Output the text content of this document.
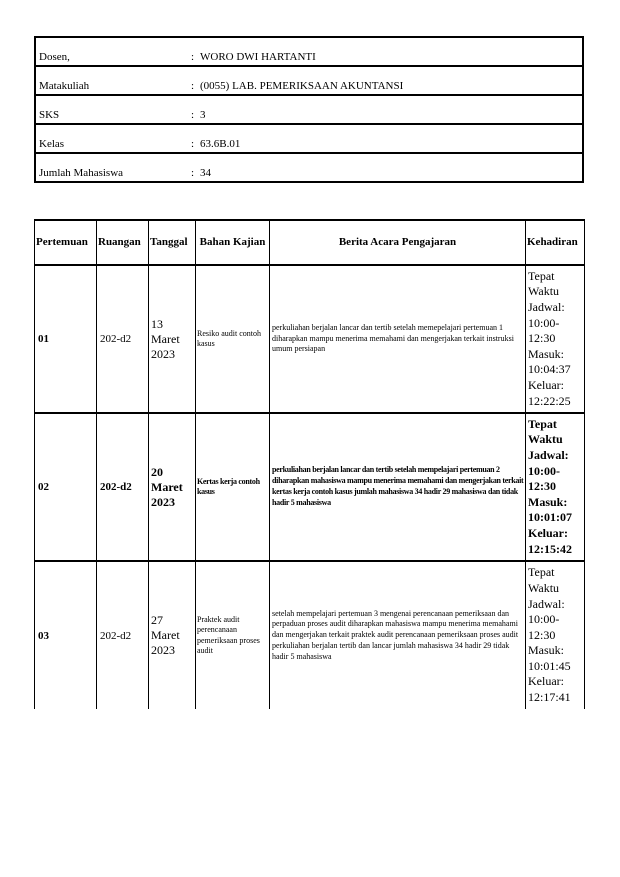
Dosen,	:	WORO DWI HARTANTI
Matakuliah	:	(0055) LAB. PEMERIKSAAN AKUNTANSI
SKS	:	3
Kelas	:	63.6B.01
Jumlah Mahasiswa	:	34
Pertemuan	Ruangan	Tanggal	Bahan Kajian	Berita Acara Pengajaran	Kehadiran
01	202-d2	13 Maret 2023	Resiko audit contoh kasus	perkuliahan berjalan lancar dan tertib setelah memepelajari pertemuan 1 diharapkan mampu menerima memahami dan mengerjakan terkait instruksi umum persiapan	Tepat Waktu Jadwal: 10:00-12:30 Masuk: 10:04:37 Keluar: 12:22:25
02	202-d2	20 Maret 2023	Kertas kerja contoh kasus	perkuliahan berjalan lancar dan tertib setelah mempelajari pertemuan 2 diharapkan mahasiswa mampu menerima memahami dan mengerjakan terkait kertas kerja contoh kasus jumlah mahasiswa 34 hadir 29 mahasiswa dan tidak hadir 5 mahasiswa	Tepat Waktu Jadwal: 10:00-12:30 Masuk: 10:01:07 Keluar: 12:15:42
03	202-d2	27 Maret 2023	Praktek audit perencanaan pemeriksaan proses audit	setelah mempelajari pertemuan 3 mengenai perencanaan pemeriksaan dan perpaduan proses audit diharapkan mahasiswa mampu menerima memahami dan mengerjakan terkait praktek audit perencanaan pemeriksaan proses audit perkuliahan berjalan tertib dan lancar jumlah mahasiswa 34 hadir 29 tidak hadir 5 mahasiswa	Tepat Waktu Jadwal: 10:00-12:30 Masuk: 10:01:45 Keluar: 12:17:41
